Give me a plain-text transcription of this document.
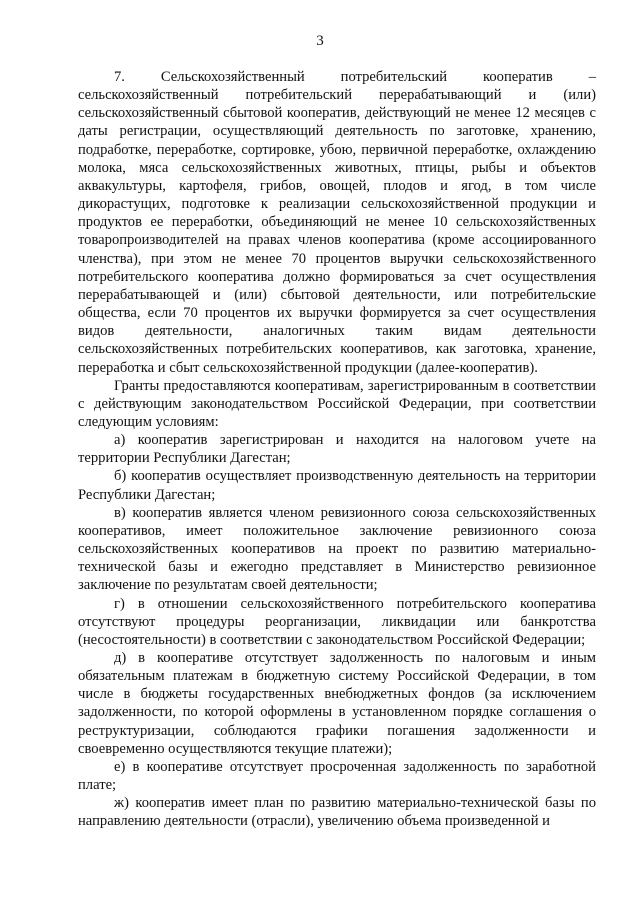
3

7. Сельскохозяйственный потребительский кооператив – сельскохозяйственный потребительский перерабатывающий и (или) сельскохозяйственный сбытовой кооператив, действующий не менее 12 месяцев с даты регистрации, осуществляющий деятельность по заготовке, хранению, подработке, переработке, сортировке, убою, первичной переработке, охлаждению молока, мяса сельскохозяйственных животных, птицы, рыбы и объектов аквакультуры, картофеля, грибов, овощей, плодов и ягод, в том числе дикорастущих, подготовке к реализации сельскохозяйственной продукции и продуктов ее переработки, объединяющий не менее 10 сельскохозяйственных товаропроизводителей на правах членов кооператива (кроме ассоциированного членства), при этом не менее 70 процентов выручки сельскохозяйственного потребительского кооператива должно формироваться за счет осуществления перерабатывающей и (или) сбытовой деятельности, или потребительские общества, если 70 процентов их выручки формируется за счет осуществления видов деятельности, аналогичных таким видам деятельности сельскохозяйственных потребительских кооперативов, как заготовка, хранение, переработка и сбыт сельскохозяйственной продукции (далее-кооператив).

Гранты предоставляются кооперативам, зарегистрированным в соответствии с действующим законодательством Российской Федерации, при соответствии следующим условиям:

а) кооператив зарегистрирован и находится на налоговом учете на территории Республики Дагестан;

б) кооператив осуществляет производственную деятельность на территории Республики Дагестан;

в) кооператив является членом ревизионного союза сельскохозяйственных кооперативов, имеет положительное заключение ревизионного союза сельскохозяйственных кооперативов на проект по развитию материально-технической базы и ежегодно представляет в Министерство ревизионное заключение по результатам своей деятельности;

г) в отношении сельскохозяйственного потребительского кооператива отсутствуют процедуры реорганизации, ликвидации или банкротства (несостоятельности) в соответствии с законодательством Российской Федерации;

д) в кооперативе отсутствует задолженность по налоговым и иным обязательным платежам в бюджетную систему Российской Федерации, в том числе в бюджеты государственных внебюджетных фондов (за исключением задолженности, по которой оформлены в установленном порядке соглашения о реструктуризации, соблюдаются графики погашения задолженности и своевременно осуществляются текущие платежи);

е) в кооперативе отсутствует просроченная задолженность по заработной плате;

ж) кооператив имеет план по развитию материально-технической базы по направлению деятельности (отрасли), увеличению объема произведенной и
